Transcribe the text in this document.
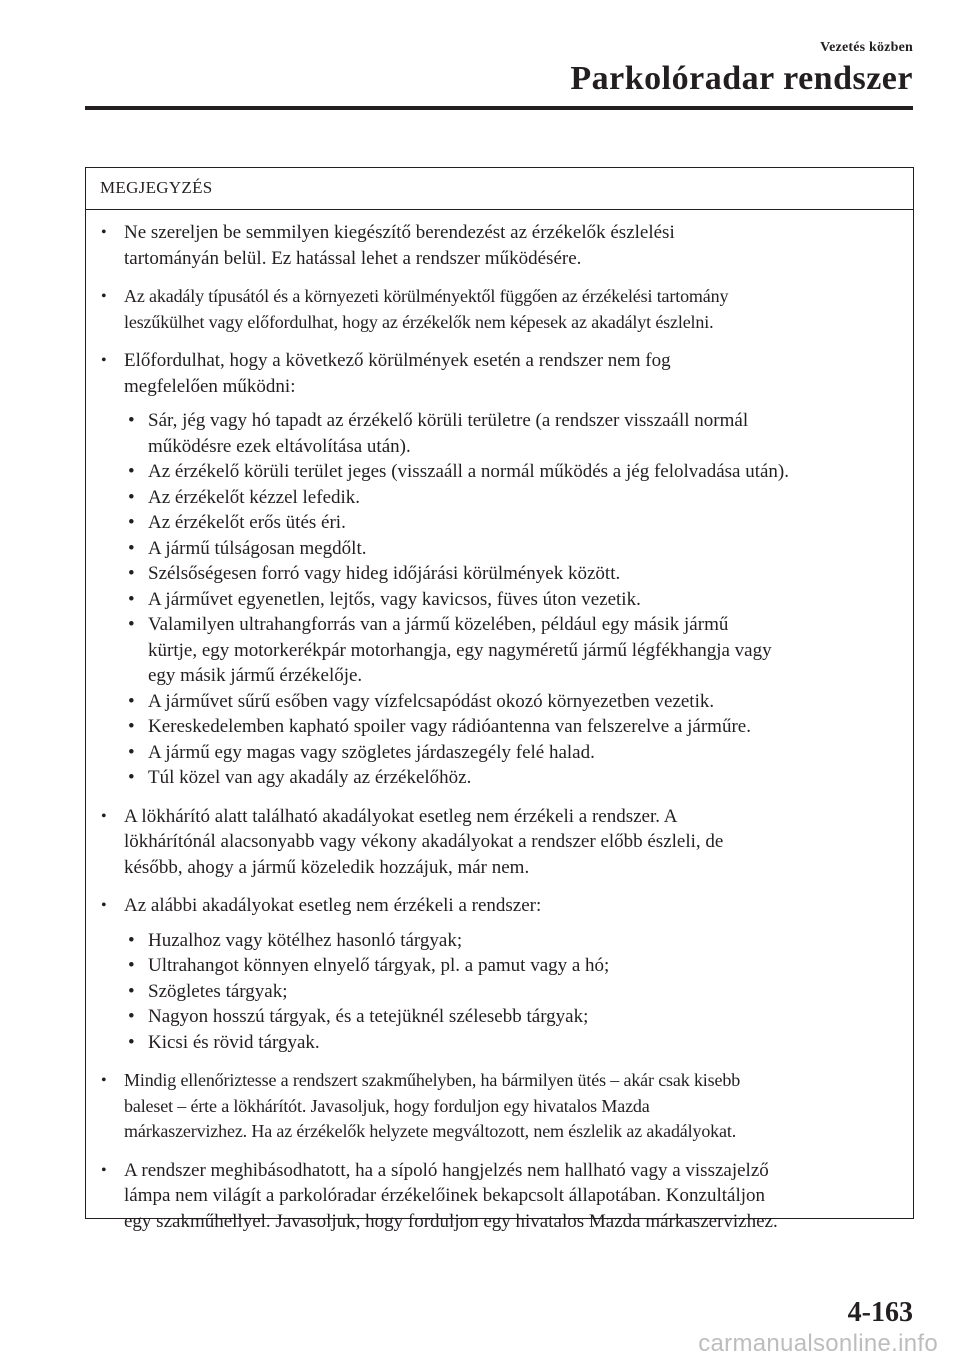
Vezetés közben
Parkolóradar rendszer
MEGJEGYZÉS
• Ne szereljen be semmilyen kiegészítő berendezést az érzékelők észlelési
tartományán belül. Ez hatással lehet a rendszer működésére.
• Az akadály típusától és a környezeti körülményektől függően az érzékelési tartomány
leszűkülhet vagy előfordulhat, hogy az érzékelők nem képesek az akadályt észlelni.
• Előfordulhat, hogy a következő körülmények esetén a rendszer nem fog
megfelelően működni:
• Sár, jég vagy hó tapadt az érzékelő körüli területre (a rendszer visszaáll normál
működésre ezek eltávolítása után).
• Az érzékelő körüli terület jeges (visszaáll a normál működés a jég felolvadása után).
• Az érzékelőt kézzel lefedik.
• Az érzékelőt erős ütés éri.
• A jármű túlságosan megdőlt.
• Szélsőségesen forró vagy hideg időjárási körülmények között.
• A járművet egyenetlen, lejtős, vagy kavicsos, füves úton vezetik.
• Valamilyen ultrahangforrás van a jármű közelében, például egy másik jármű
kürtje, egy motorkerékpár motorhangja, egy nagyméretű jármű légfékhangja vagy
egy másik jármű érzékelője.
• A járművet sűrű esőben vagy vízfelcsapódást okozó környezetben vezetik.
• Kereskedelemben kapható spoiler vagy rádióantenna van felszerelve a járműre.
• A jármű egy magas vagy szögletes járdaszegély felé halad.
• Túl közel van agy akadály az érzékelőhöz.
• A lökhárító alatt található akadályokat esetleg nem érzékeli a rendszer. A
lökhárítónál alacsonyabb vagy vékony akadályokat a rendszer előbb észleli, de
később, ahogy a jármű közeledik hozzájuk, már nem.
• Az alábbi akadályokat esetleg nem érzékeli a rendszer:
• Huzalhoz vagy kötélhez hasonló tárgyak;
• Ultrahangot könnyen elnyelő tárgyak, pl. a pamut vagy a hó;
• Szögletes tárgyak;
• Nagyon hosszú tárgyak, és a tetejüknél szélesebb tárgyak;
• Kicsi és rövid tárgyak.
• Mindig ellenőriztesse a rendszert szakműhelyben, ha bármilyen ütés – akár csak kisebb
baleset – érte a lökhárítót. Javasoljuk, hogy forduljon egy hivatalos Mazda
márkaszervizhez. Ha az érzékelők helyzete megváltozott, nem észlelik az akadályokat.
• A rendszer meghibásodhatott, ha a sípoló hangjelzés nem hallható vagy a visszajelző
lámpa nem világít a parkolóradar érzékelőinek bekapcsolt állapotában. Konzultáljon
egy szakműhellyel. Javasoljuk, hogy forduljon egy hivatalos Mazda márkaszervizhez.
4-163
carmanualsonline.info
